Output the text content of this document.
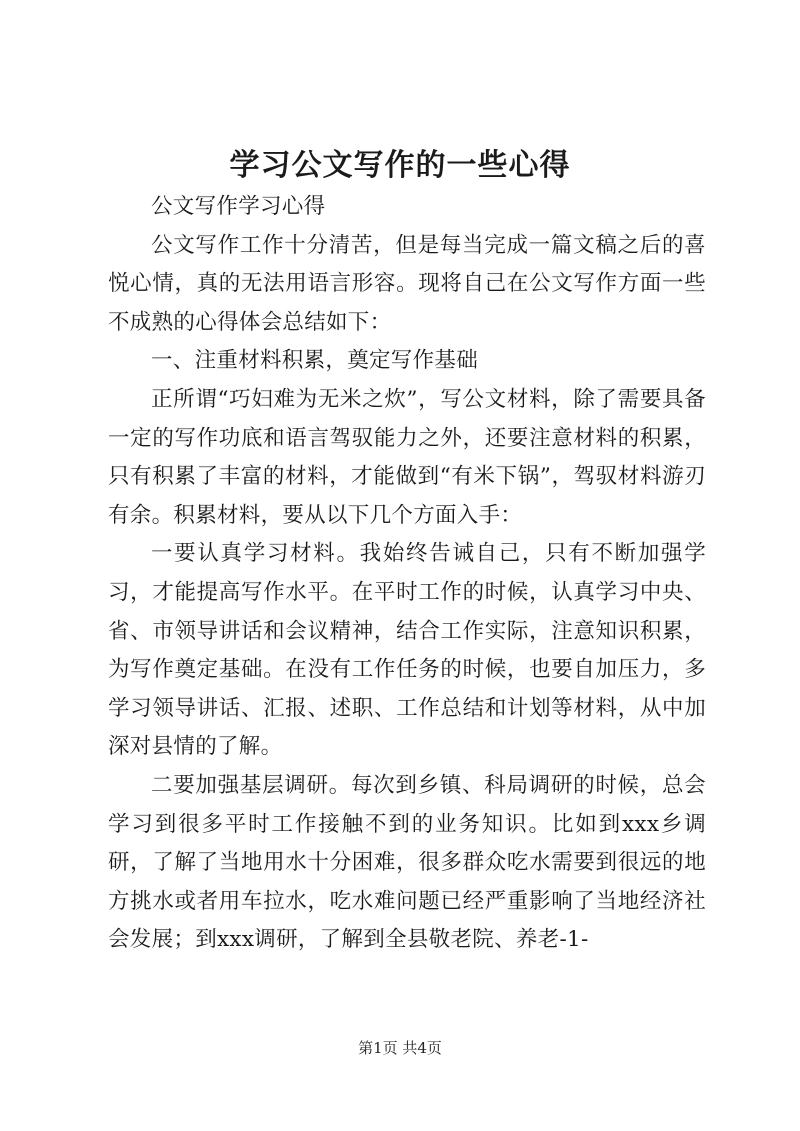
学习公文写作的一些心得

公文写作学习心得

公文写作工作十分清苦，但是每当完成一篇文稿之后的喜悦心情，真的无法用语言形容。现将自己在公文写作方面一些不成熟的心得体会总结如下：

一、注重材料积累，奠定写作基础

正所谓“巧妇难为无米之炊”，写公文材料，除了需要具备一定的写作功底和语言驾驭能力之外，还要注意材料的积累，只有积累了丰富的材料，才能做到“有米下锅”，驾驭材料游刃有余。积累材料，要从以下几个方面入手：

一要认真学习材料。我始终告诫自己，只有不断加强学习，才能提高写作水平。在平时工作的时候，认真学习中央、省、市领导讲话和会议精神，结合工作实际，注意知识积累，为写作奠定基础。在没有工作任务的时候，也要自加压力，多学习领导讲话、汇报、述职、工作总结和计划等材料，从中加深对县情的了解。

二要加强基层调研。每次到乡镇、科局调研的时候，总会学习到很多平时工作接触不到的业务知识。比如到xxx乡调研，了解了当地用水十分困难，很多群众吃水需要到很远的地方挑水或者用车拉水，吃水难问题已经严重影响了当地经济社会发展；到xxx调研，了解到全县敬老院、养老-1-

第1页 共4页
